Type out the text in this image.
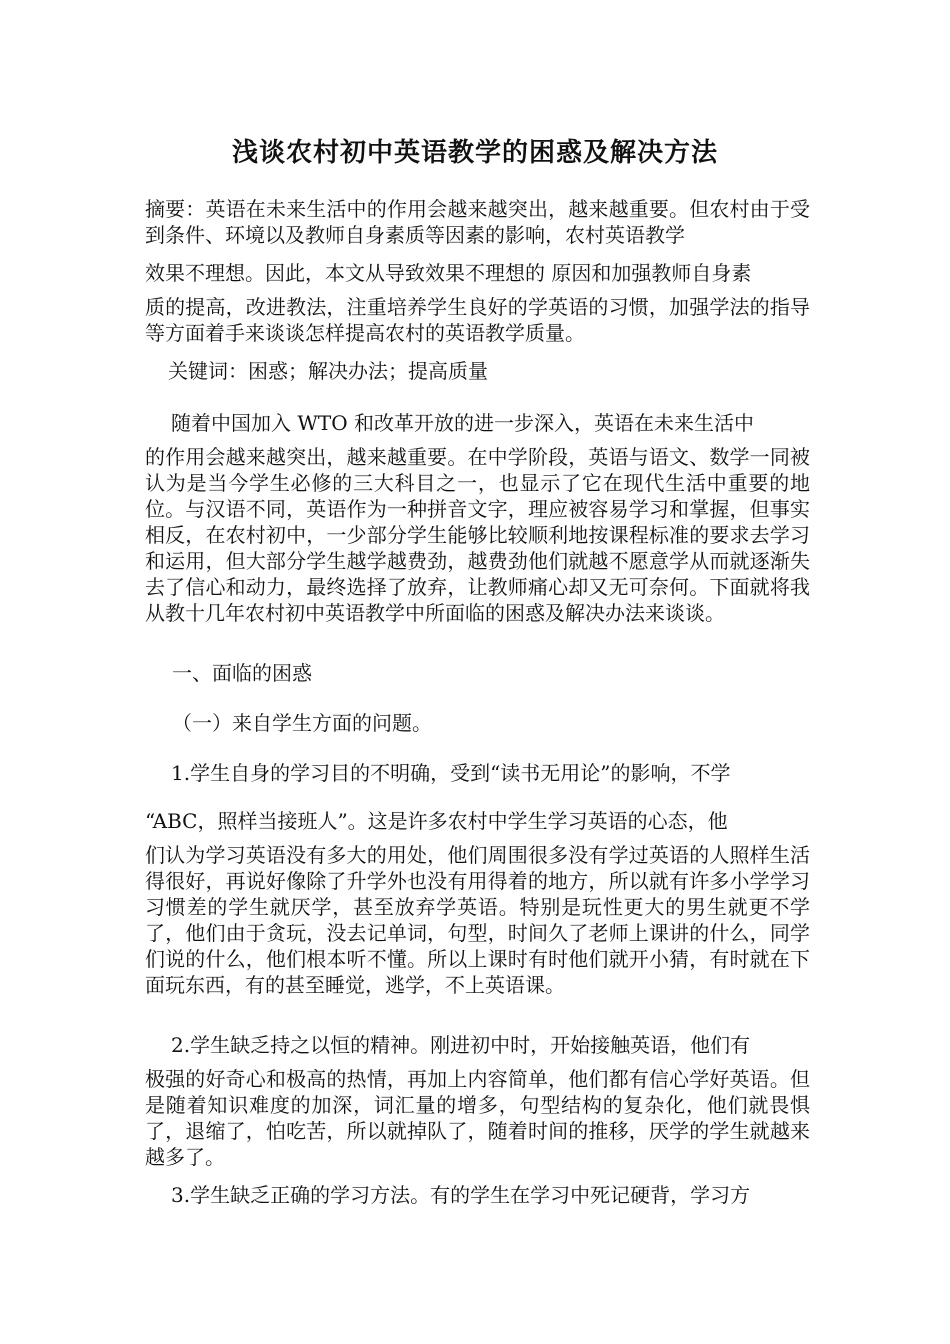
浅谈农村初中英语教学的困惑及解决方法

摘要：英语在未来生活中的作用会越来越突出，越来越重要。但农村由于受到条件、环境以及教师自身素质等因素的影响，农村英语教学

效果不理想。因此，本文从导致效果不理想的 原因和加强教师自身素

质的提高，改进教法，注重培养学生良好的学英语的习惯，加强学法的指导等方面着手来谈谈怎样提高农村的英语教学质量。

关键词：困惑；解决办法；提高质量

随着中国加入 WTO 和改革开放的进一步深入，英语在未来生活中

的作用会越来越突出，越来越重要。在中学阶段，英语与语文、数学一同被认为是当今学生必修的三大科目之一，也显示了它在现代生活中重要的地位。与汉语不同，英语作为一种拼音文字，理应被容易学习和掌握，但事实相反，在农村初中，一少部分学生能够比较顺利地按课程标准的要求去学习和运用，但大部分学生越学越费劲，越费劲他们就越不愿意学从而就逐渐失去了信心和动力，最终选择了放弃，让教师痛心却又无可奈何。下面就将我从教十几年农村初中英语教学中所面临的困惑及解决办法来谈谈。

一、面临的困惑

（一）来自学生方面的问题。

1.学生自身的学习目的不明确，受到“读书无用论”的影响，不学

“ABC，照样当接班人”。这是许多农村中学生学习英语的心态，他

们认为学习英语没有多大的用处，他们周围很多没有学过英语的人照样生活得很好，再说好像除了升学外也没有用得着的地方，所以就有许多小学学习习惯差的学生就厌学，甚至放弃学英语。特别是玩性更大的男生就更不学了，他们由于贪玩，没去记单词，句型，时间久了老师上课讲的什么，同学们说的什么，他们根本听不懂。所以上课时有时他们就开小猜，有时就在下面玩东西，有的甚至睡觉，逃学，不上英语课。

2.学生缺乏持之以恒的精神。刚进初中时，开始接触英语，他们有

极强的好奇心和极高的热情，再加上内容简单，他们都有信心学好英语。但是随着知识难度的加深，词汇量的增多，句型结构的复杂化，他们就畏惧了，退缩了，怕吃苦，所以就掉队了，随着时间的推移，厌学的学生就越来越多了。

3.学生缺乏正确的学习方法。有的学生在学习中死记硬背，学习方
